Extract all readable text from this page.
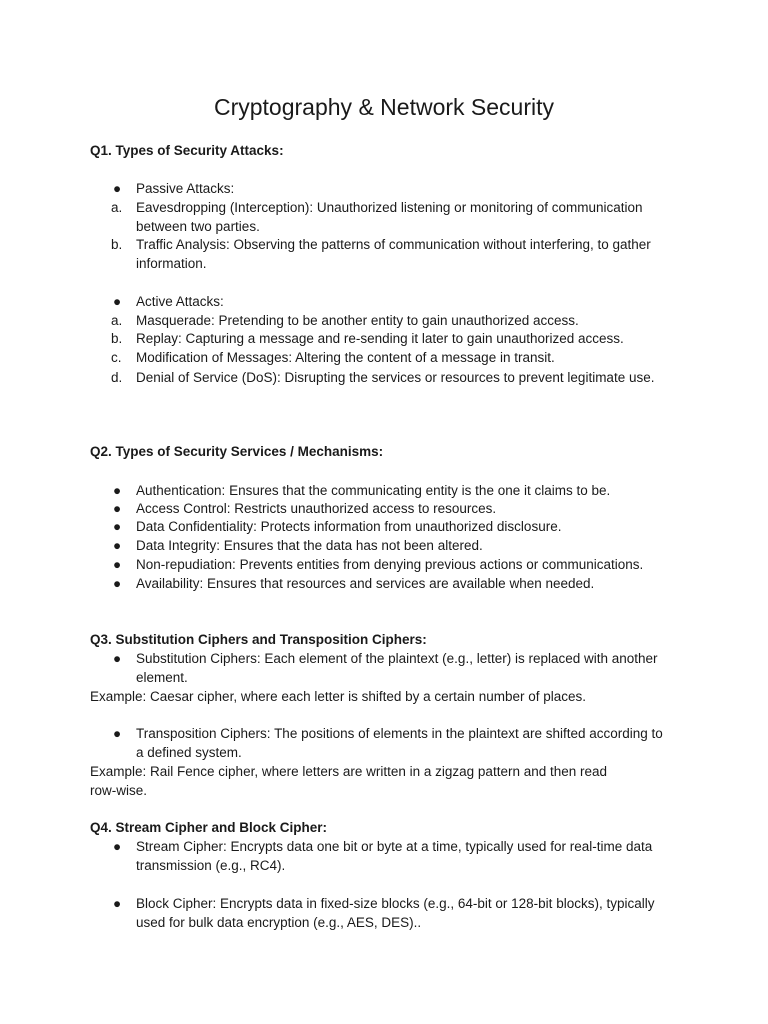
Cryptography & Network Security
Q1. Types of Security Attacks:
● Passive Attacks:
a. Eavesdropping (Interception): Unauthorized listening or monitoring of communication
between two parties.
b. Traffic Analysis: Observing the patterns of communication without interfering, to gather
information.
● Active Attacks:
a. Masquerade: Pretending to be another entity to gain unauthorized access.
b. Replay: Capturing a message and re-sending it later to gain unauthorized access.
c. Modification of Messages: Altering the content of a message in transit.
d. Denial of Service (DoS): Disrupting the services or resources to prevent legitimate use.
Q2. Types of Security Services / Mechanisms:
● Authentication: Ensures that the communicating entity is the one it claims to be.
● Access Control: Restricts unauthorized access to resources.
● Data Confidentiality: Protects information from unauthorized disclosure.
● Data Integrity: Ensures that the data has not been altered.
● Non-repudiation: Prevents entities from denying previous actions or communications.
● Availability: Ensures that resources and services are available when needed.
Q3. Substitution Ciphers and Transposition Ciphers:
● Substitution Ciphers: Each element of the plaintext (e.g., letter) is replaced with another
element.
Example: Caesar cipher, where each letter is shifted by a certain number of places.
● Transposition Ciphers: The positions of elements in the plaintext are shifted according to
a defined system.
Example: Rail Fence cipher, where letters are written in a zigzag pattern and then read
row-wise.
Q4. Stream Cipher and Block Cipher:
● Stream Cipher: Encrypts data one bit or byte at a time, typically used for real-time data
transmission (e.g., RC4).
● Block Cipher: Encrypts data in fixed-size blocks (e.g., 64-bit or 128-bit blocks), typically
used for bulk data encryption (e.g., AES, DES)..
